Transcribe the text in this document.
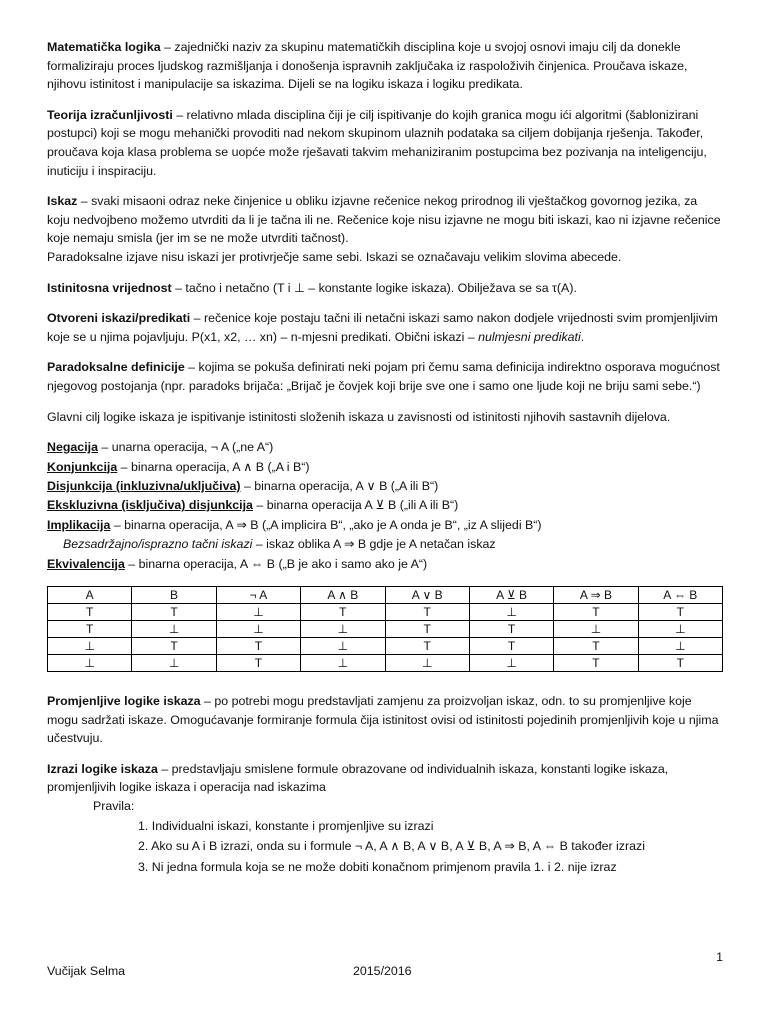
Matematička logika – zajednički naziv za skupinu matematičkih disciplina koje u svojoj osnovi imaju cilj da donekle formaliziraju proces ljudskog razmišljanja i donošenja ispravnih zaključaka iz raspoloživih činjenica. Proučava iskaze, njihovu istinitost i manipulacije sa iskazima. Dijeli se na logiku iskaza i logiku predikata.
Teorija izračunljivosti – relativno mlada disciplina čiji je cilj ispitivanje do kojih granica mogu ići algoritmi (šablonizirani postupci) koji se mogu mehanički provoditi nad nekom skupinom ulaznih podataka sa ciljem dobijanja rješenja. Također, proučava koja klasa problema se uopće može rješavati takvim mehaniziranim postupcima bez pozivanja na inteligenciju, inuticiju i inspiraciju.

Iskaz – svaki misaoni odraz neke činjenice u obliku izjavne rečenice nekog prirodnog ili vještačkog govornog jezika, za koju nedvojbeno možemo utvrditi da li je tačna ili ne. Rečenice koje nisu izjavne ne mogu biti iskazi, kao ni izjavne rečenice koje nemaju smisla (jer im se ne može utvrditi tačnost).

Paradoksalne izjave nisu iskazi jer protivrječje same sebi. Iskazi se označavaju velikim slovima abecede.

Istinitosna vrijednost – tačno i netačno (T i ⊥ – konstante logike iskaza). Obilježava se sa τ(A).
Otvoreni iskazi/predikati – rečenice koje postaju tačni ili netačni iskazi samo nakon dodjele vrijednosti svim promjenljivim koje se u njima pojavljuju. P(x1, x2, … xn) – n-mjesni predikati. Obični iskazi – nulmjesni predikati.
Paradoksalne definicije – kojima se pokuša definirati neki pojam pri čemu sama definicija indirektno osporava mogućnost njegovog postojanja (npr. paradoks brijača: „Brijač je čovjek koji brije sve one i samo one ljude koji ne briju sami sebe.“)
Glavni cilj logike iskaza je ispitivanje istinitosti složenih iskaza u zavisnosti od istinitosti njihovih sastavnih dijelova.
Negacija – unarna operacija, ¬ A („ne A“)
Konjunkcija – binarna operacija, A ∧ B („A i B“)
Disjunkcija (inkluzivna/uključiva) – binarna operacija, A ∨ B („A ili B“)
Ekskluzivna (isključiva) disjunkcija – binarna operacija A ⊻ B („ili A ili B“)
Implikacija – binarna operacija, A ⇒ B („A implicira B“, „ako je A onda je B“, „iz A slijedi B“)
Bezsadržajno/isprazno tačni iskazi – iskaz oblika A ⇒ B gdje je A netačan iskaz
Ekvivalencija – binarna operacija, A ⇔ B („B je ako i samo ako je A“)
A	B	¬ A	A ∧ B	A ∨ B	A ⊻ B	A ⇒ B	A ⇔ B
T	T	⊥	T	T	⊥	T	T
T	⊥	⊥	⊥	T	T	⊥	⊥
⊥	T	T	⊥	T	T	T	⊥
⊥	⊥	T	⊥	⊥	⊥	T	T
Promjenljive logike iskaza – po potrebi mogu predstavljati zamjenu za proizvoljan iskaz, odn. to su promjenljive koje mogu sadržati iskaze. Omogućavanje formiranje formula čija istinitost ovisi od istinitosti pojedinih promjenljivih koje u njima učestvuju.
Izrazi logike iskaza – predstavljaju smislene formule obrazovane od individualnih iskaza, konstanti logike iskaza, promjenljivih logike iskaza i operacija nad iskazima

Pravila:

1. Individualni iskazi, konstante i promjenljive su izrazi
2. Ako su A i B izrazi, onda su i formule ¬ A, A ∧ B, A ∨ B, A ⊻ B, A ⇒ B, A ⇔ B također izrazi
3. Ni jedna formula koja se ne može dobiti konačnom primjenom pravila 1. i 2. nije izraz
1
Vučijak Selma	2015/2016
